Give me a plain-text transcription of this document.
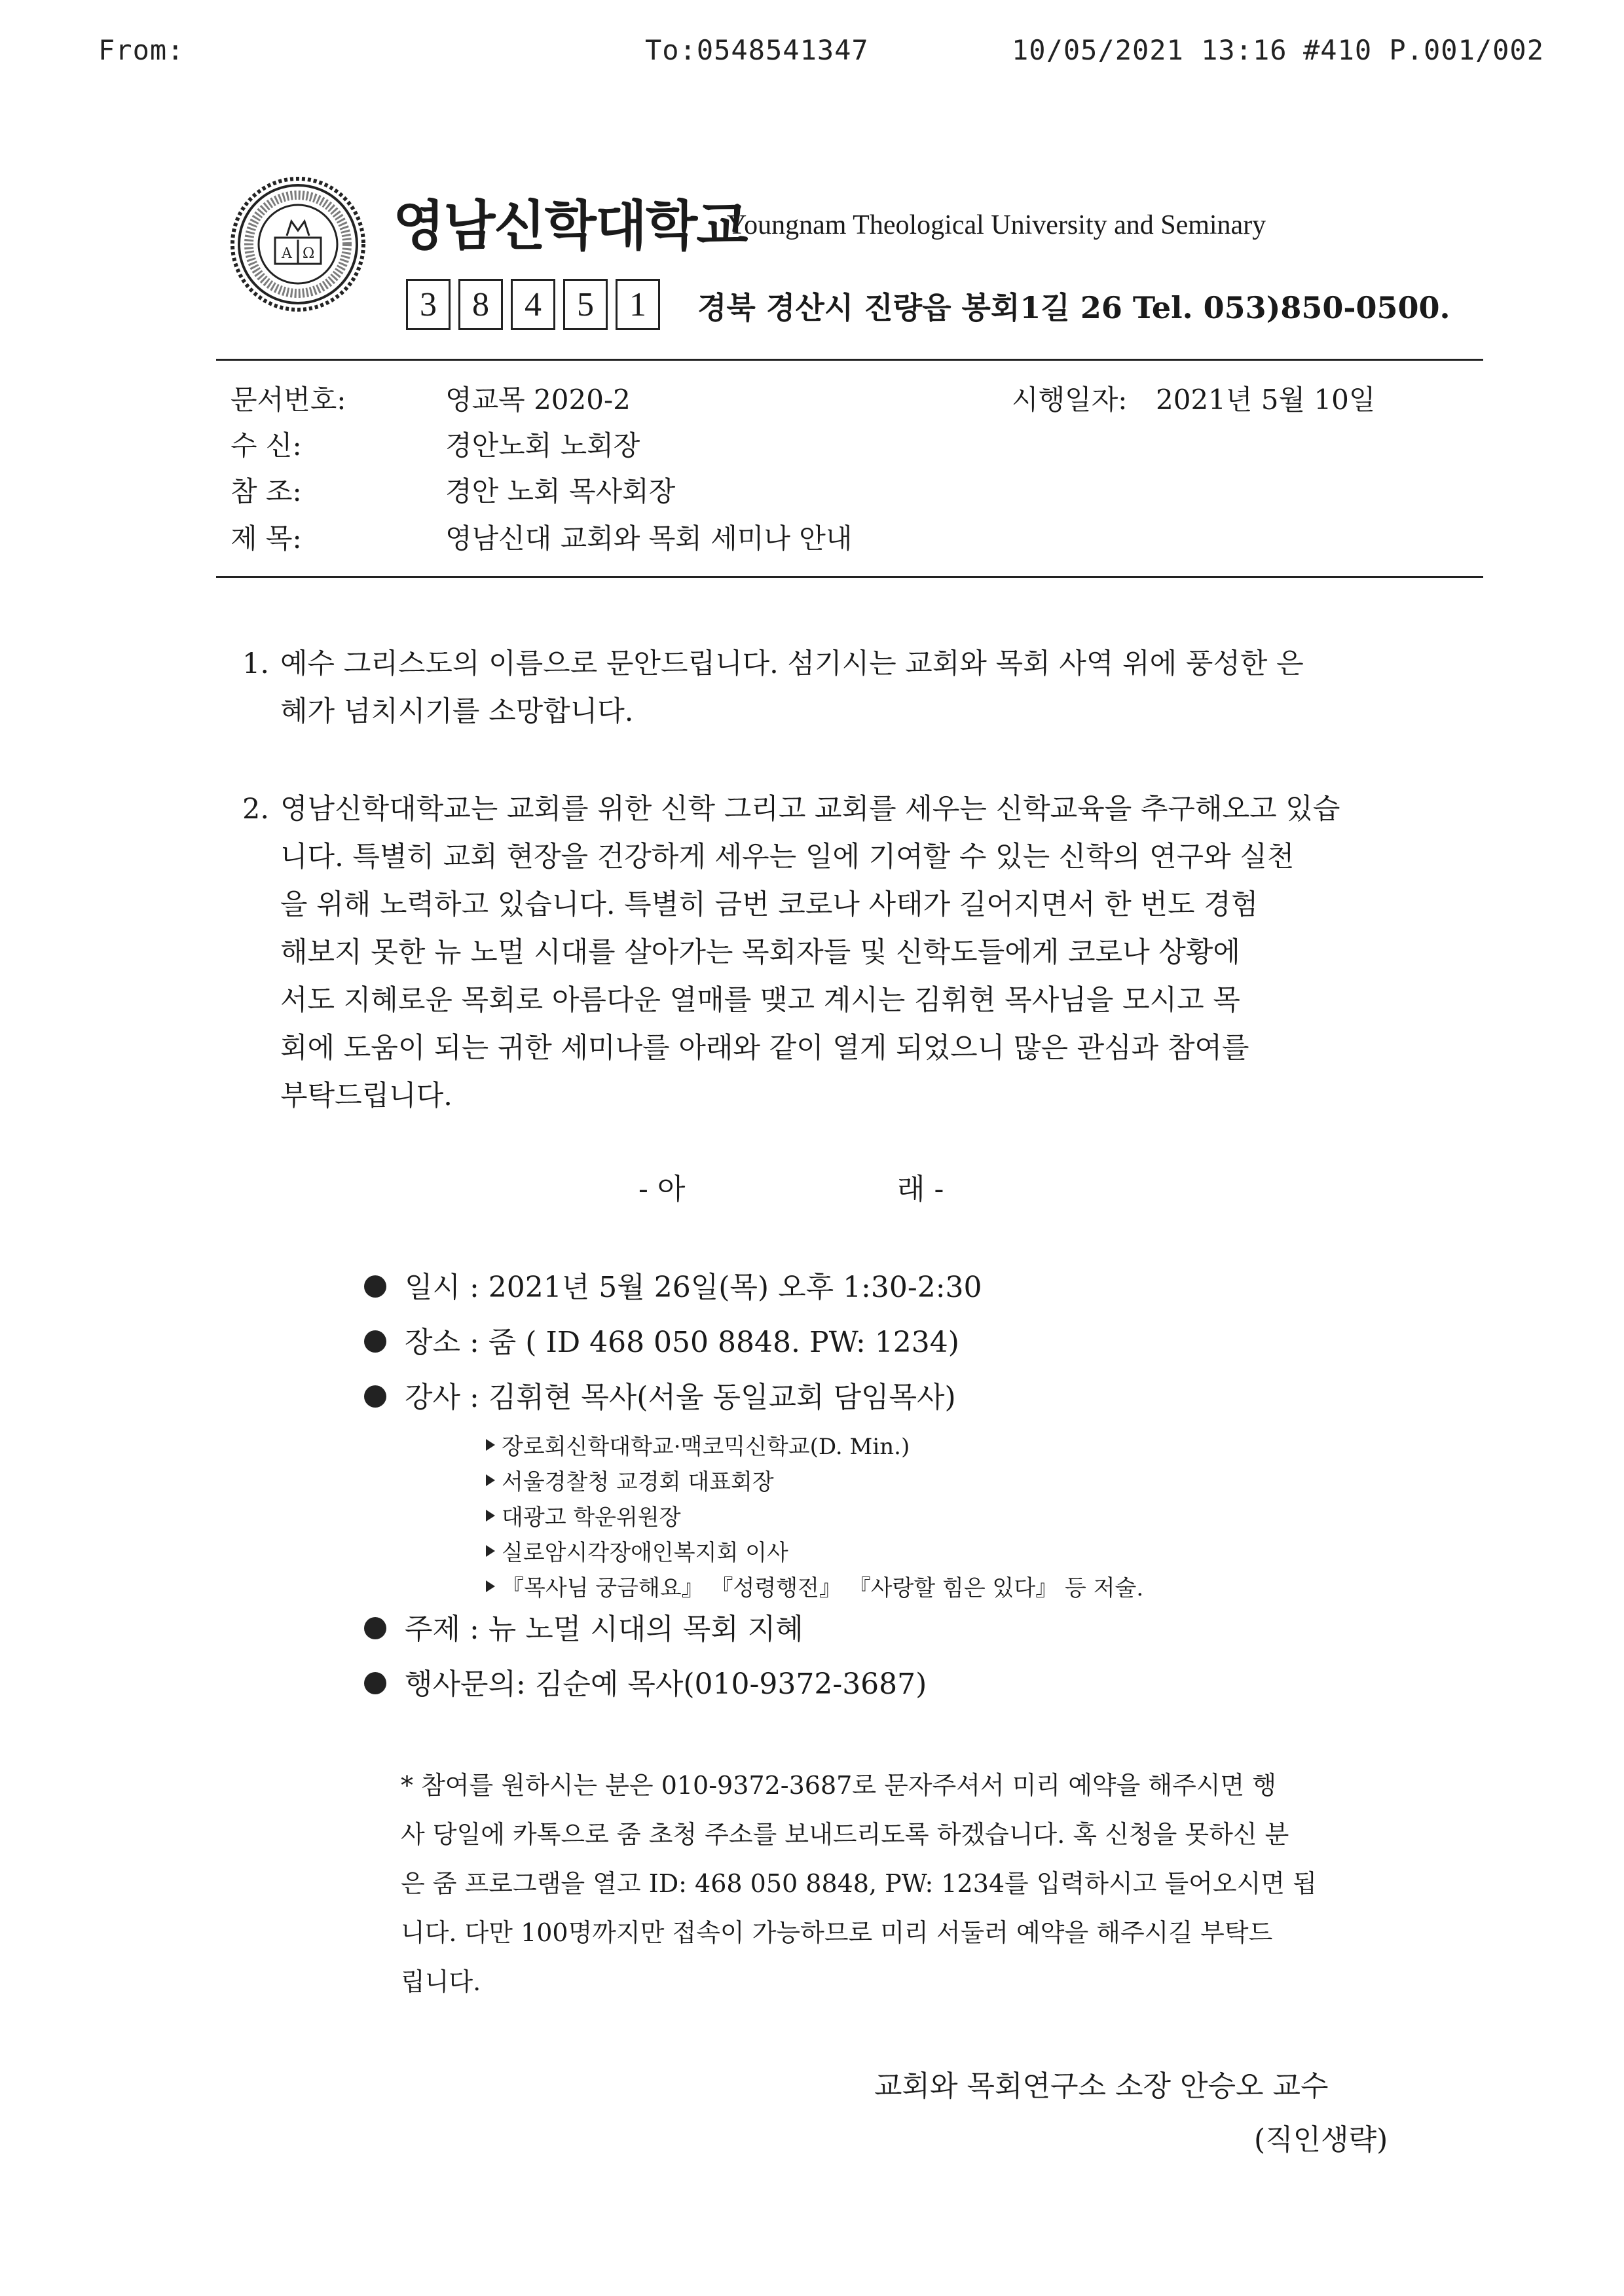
From:	To:0548541347	10/05/2021 13:16 #410 P.001/002
A Ω 영남신학대학교
Youngnam Theological University and Seminary
3	8	4	5	1	경북 경산시 진량읍 봉회1길 26 Tel. 053)850-0500.
문서번호:	영교목 2020-2	시행일자: 2021년 5월 10일
수 신:	경안노회 노회장
참 조:	경안 노회 목사회장
제 목:	영남신대 교회와 목회 세미나 안내
1. 예수 그리스도의 이름으로 문안드립니다. 섬기시는 교회와 목회 사역 위에 풍성한 은
혜가 넘치시기를 소망합니다.
2. 영남신학대학교는 교회를 위한 신학 그리고 교회를 세우는 신학교육을 추구해오고 있습
니다. 특별히 교회 현장을 건강하게 세우는 일에 기여할 수 있는 신학의 연구와 실천
을 위해 노력하고 있습니다. 특별히 금번 코로나 사태가 길어지면서 한 번도 경험
해보지 못한 뉴 노멀 시대를 살아가는 목회자들 및 신학도들에게 코로나 상황에
서도 지혜로운 목회로 아름다운 열매를 맺고 계시는 김휘현 목사님을 모시고 목
회에 도움이 되는 귀한 세미나를 아래와 같이 열게 되었으니 많은 관심과 참여를
부탁드립니다.
- 아	래 -
일시 : 2021년 5월 26일(목) 오후 1:30-2:30
장소 : 줌 ( ID 468 050 8848. PW: 1234)
강사 : 김휘현 목사(서울 동일교회 담임목사)
장로회신학대학교·맥코믹신학교(D. Min.)
서울경찰청 교경회 대표회장
대광고 학운위원장
실로암시각장애인복지회 이사
『목사님 궁금해요』 『성령행전』 『사랑할 힘은 있다』 등 저술.
주제 : 뉴 노멀 시대의 목회 지혜
행사문의: 김순예 목사(010-9372-3687)
* 참여를 원하시는 분은 010-9372-3687로 문자주셔서 미리 예약을 해주시면 행
사 당일에 카톡으로 줌 초청 주소를 보내드리도록 하겠습니다. 혹 신청을 못하신 분
은 줌 프로그램을 열고 ID: 468 050 8848, PW: 1234를 입력하시고 들어오시면 됩
니다. 다만 100명까지만 접속이 가능하므로 미리 서둘러 예약을 해주시길 부탁드
립니다.
교회와 목회연구소 소장 안승오 교수
(직인생략)
